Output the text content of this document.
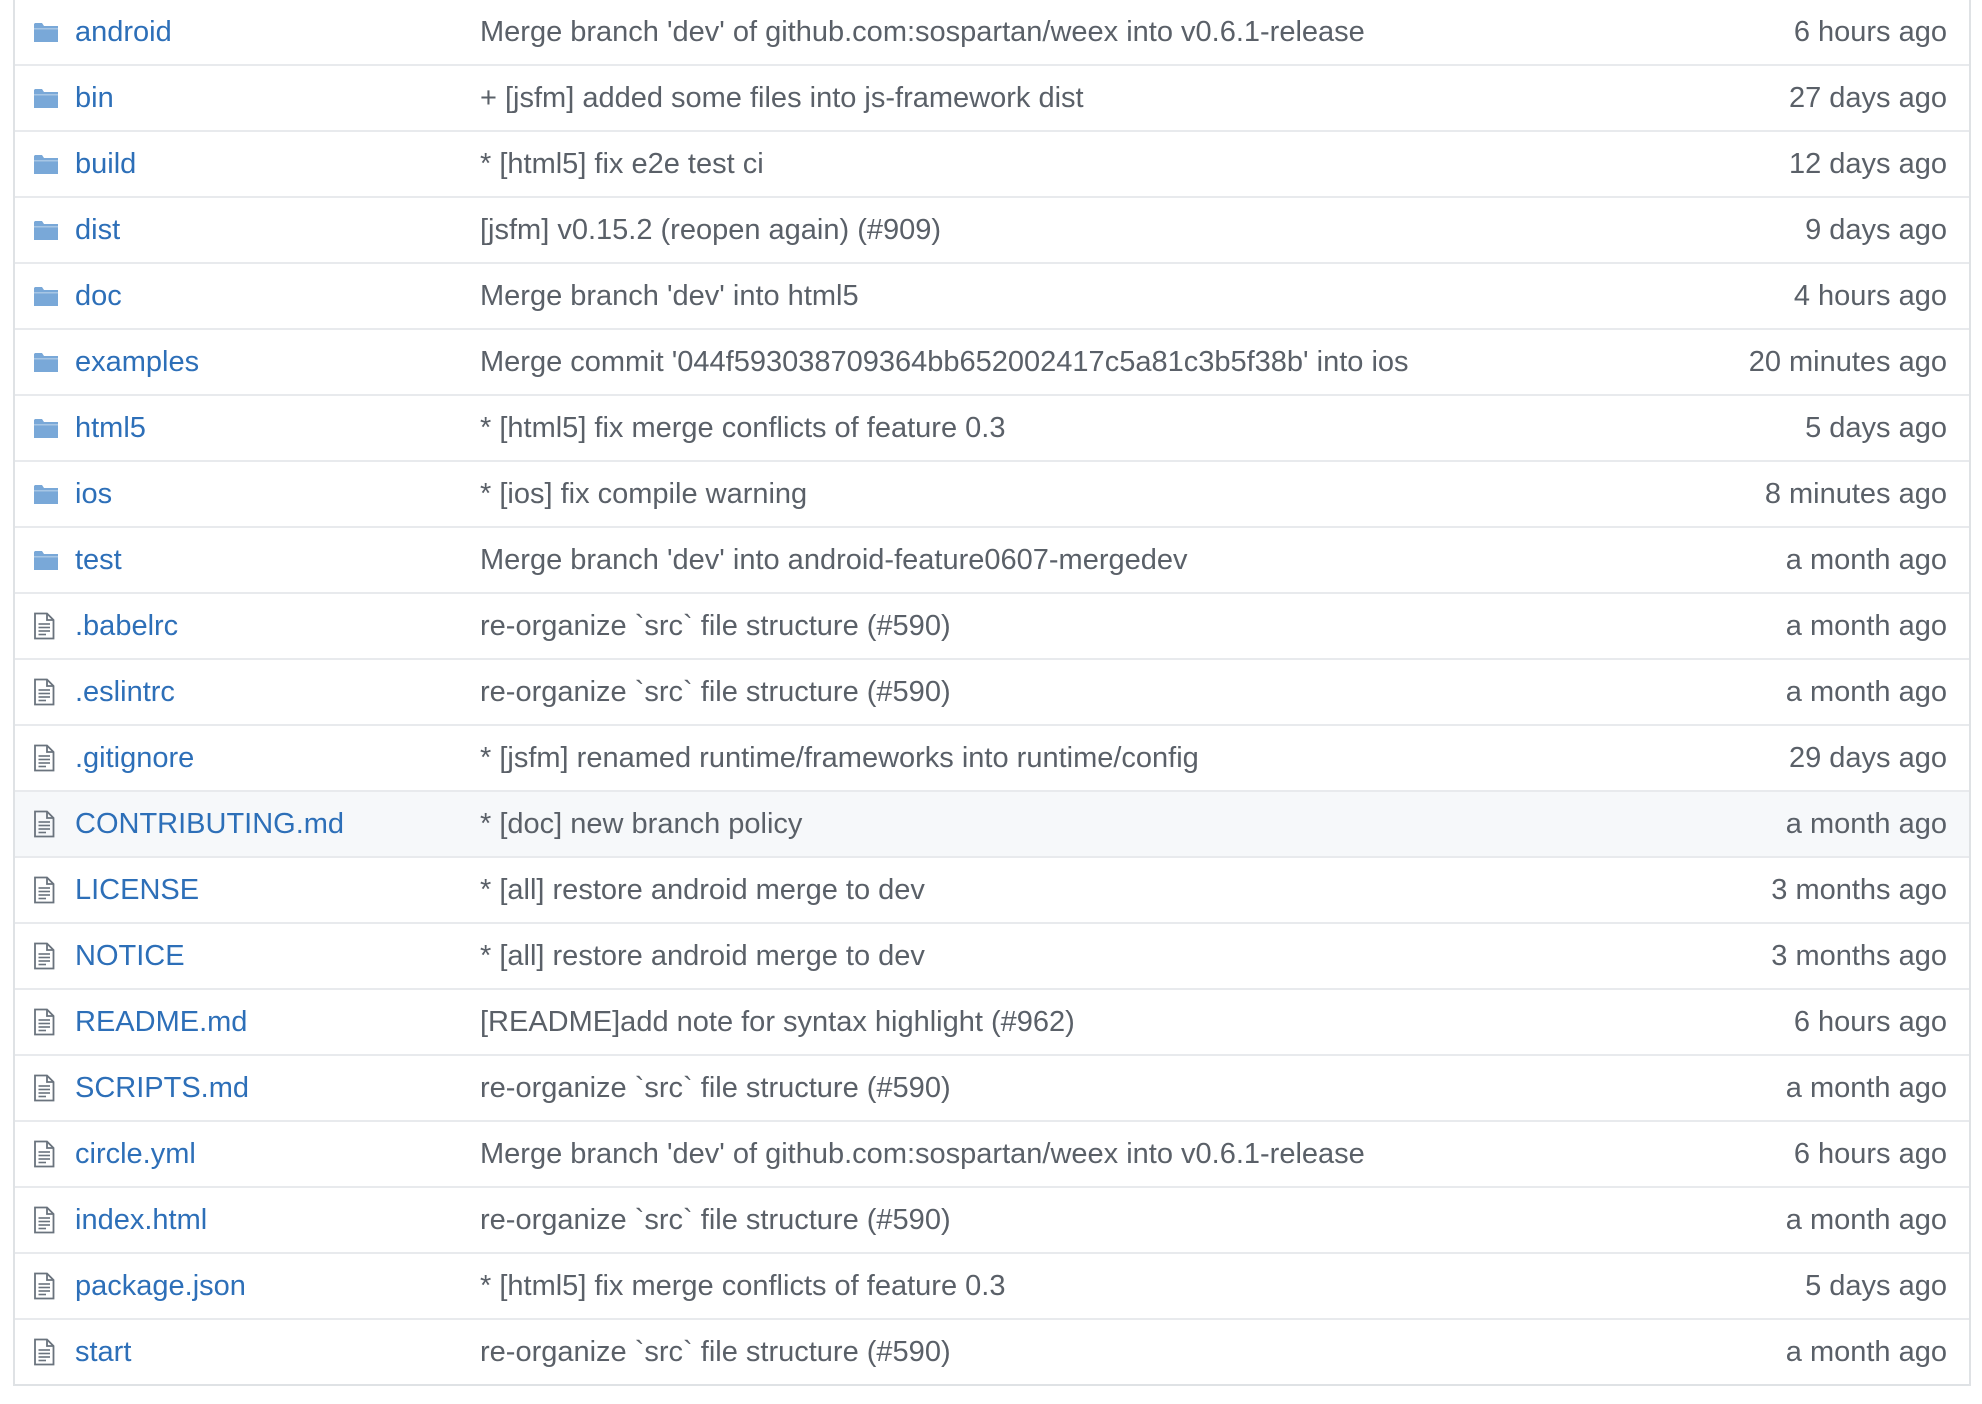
android	Merge branch 'dev' of github.com:sospartan/weex into v0.6.1-release	6 hours ago
bin	+ [jsfm] added some files into js-framework dist	27 days ago
build	* [html5] fix e2e test ci	12 days ago
dist	[jsfm] v0.15.2 (reopen again) (#909)	9 days ago
doc	Merge branch 'dev' into html5	4 hours ago
examples	Merge commit '044f593038709364bb652002417c5a81c3b5f38b' into ios	20 minutes ago
html5	* [html5] fix merge conflicts of feature 0.3	5 days ago
ios	* [ios] fix compile warning	8 minutes ago
test	Merge branch 'dev' into android-feature0607-mergedev	a month ago
.babelrc	re-organize `src` file structure (#590)	a month ago
.eslintrc	re-organize `src` file structure (#590)	a month ago
.gitignore	* [jsfm] renamed runtime/frameworks into runtime/config	29 days ago
CONTRIBUTING.md	* [doc] new branch policy	a month ago
LICENSE	* [all] restore android merge to dev	3 months ago
NOTICE	* [all] restore android merge to dev	3 months ago
README.md	[README]add note for syntax highlight (#962)	6 hours ago
SCRIPTS.md	re-organize `src` file structure (#590)	a month ago
circle.yml	Merge branch 'dev' of github.com:sospartan/weex into v0.6.1-release	6 hours ago
index.html	re-organize `src` file structure (#590)	a month ago
package.json	* [html5] fix merge conflicts of feature 0.3	5 days ago
start	re-organize `src` file structure (#590)	a month ago
